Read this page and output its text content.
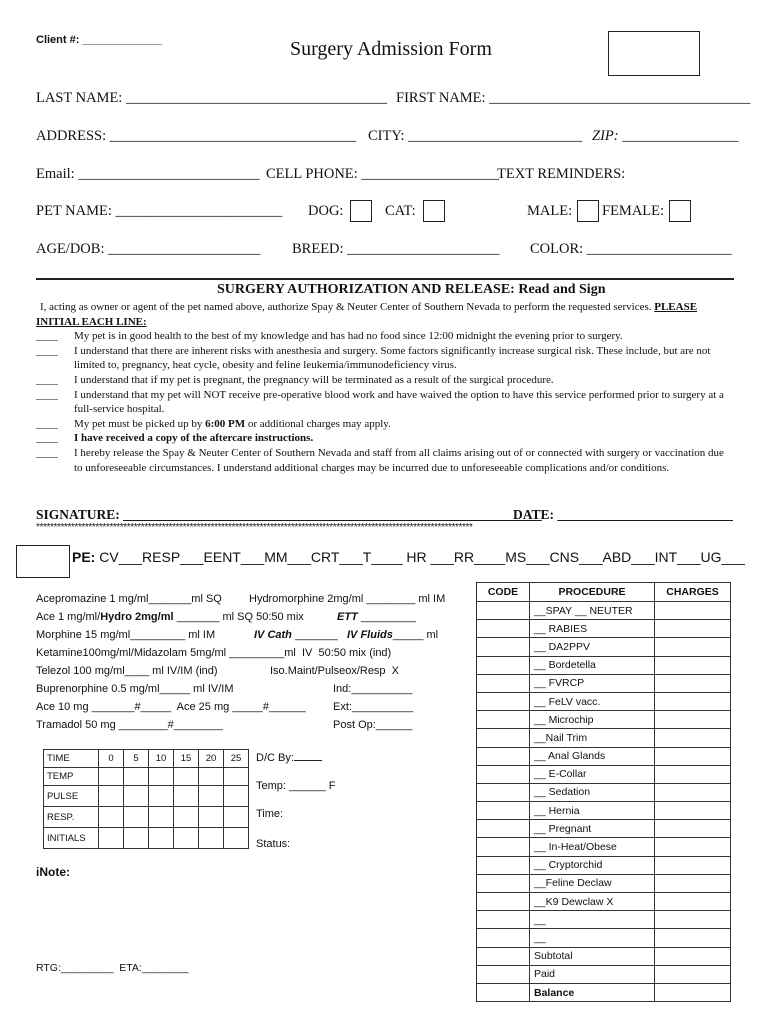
Client #: _____________	Surgery Admission Form
LAST NAME: ____________________________________ FIRST NAME: ____________________________________
ADDRESS: __________________________________ CITY: ________________________ ZIP: ________________
Email: _________________________ CELL PHONE: ___________________
TEXT REMINDERS:
PET NAME: _______________________ DOG:	CAT:	MALE: FEMALE:
AGE/DOB: _____________________ BREED: _____________________ COLOR: ____________________
SURGERY AUTHORIZATION AND RELEASE: Read and Sign
I, acting as owner or agent of the pet named above, authorize Spay & Neuter Center of Southern Nevada to perform the requested services. PLEASE INITIAL EACH LINE:
____ My pet is in good health to the best of my knowledge and has had no food since 12:00 midnight the evening prior to surgery.
____ I understand that there are inherent risks with anesthesia and surgery. Some factors significantly increase surgical risk. These include, but are not limited to, pregnancy, heat cycle, obesity and feline leukemia/immunodeficiency virus.
____ I understand that if my pet is pregnant, the pregnancy will be terminated as a result of the surgical procedure.
____ I understand that my pet will NOT receive pre-operative blood work and have waived the option to have this service performed prior to surgery at a full-service hospital.
____ My pet must be picked up by 6:00 PM or additional charges may apply.
____ I have received a copy of the aftercare instructions.
____ I hereby release the Spay & Neuter Center of Southern Nevada and staff from all claims arising out of or connected with surgery or vaccination due to unforeseeable circumstances. I understand additional charges may be incurred due to unforeseeable complications and/or conditions.
SIGNATURE: ______________________________________________________________
DATE: __________________________
*****************************************************************************************************************************
PE: CV___RESP___EENT___MM___CRT___T____ HR ___RR____MS___CNS___ABD___INT___UG___
Acepromazine 1 mg/ml_______ml SQ Hydromorphine 2mg/ml ________ ml IM
Ace 1 mg/ml/Hydro 2mg/ml _______ ml SQ 50:50 mix	ETT _________
Morphine 15 mg/ml_________ ml IM	IV Cath _______ IV Fluids_____ ml
Ketamine100mg/ml/Midazolam 5mg/ml _________ml  IV  50:50 mix (ind)
Telezol 100 mg/ml____ ml IV/IM (ind)	Iso.Maint/Pulseox/Resp  X
Buprenorphine 0.5 mg/ml_____ ml IV/IM	Ind:__________
Ace 10 mg _______#_____  Ace 25 mg _____#______ Ext:__________
Tramadol 50 mg ________#________	Post Op:______
TIME	0	5	10	15	20	25
TEMP						
PULSE						
RESP.						
INITIALS						
D/C By:
Temp: ______ F
Time:
Status:
iNote:
RTG:_________  ETA:________
CODE	PROCEDURE	CHARGES
	__SPAY __ NEUTER	
	__ RABIES	
	__ DA2PPV	
	__ Bordetella	
	__ FVRCP	
	__ FeLV vacc.	
	__ Microchip	
	__Nail Trim	
	__ Anal Glands	
	__ E-Collar	
	__ Sedation	
	__ Hernia	
	__ Pregnant	
	__ In-Heat/Obese	
	__ Cryptorchid	
	__Feline Declaw	
	__K9 Dewclaw X	
	__	
	__	
	Subtotal	
	Paid	
	Balance	
